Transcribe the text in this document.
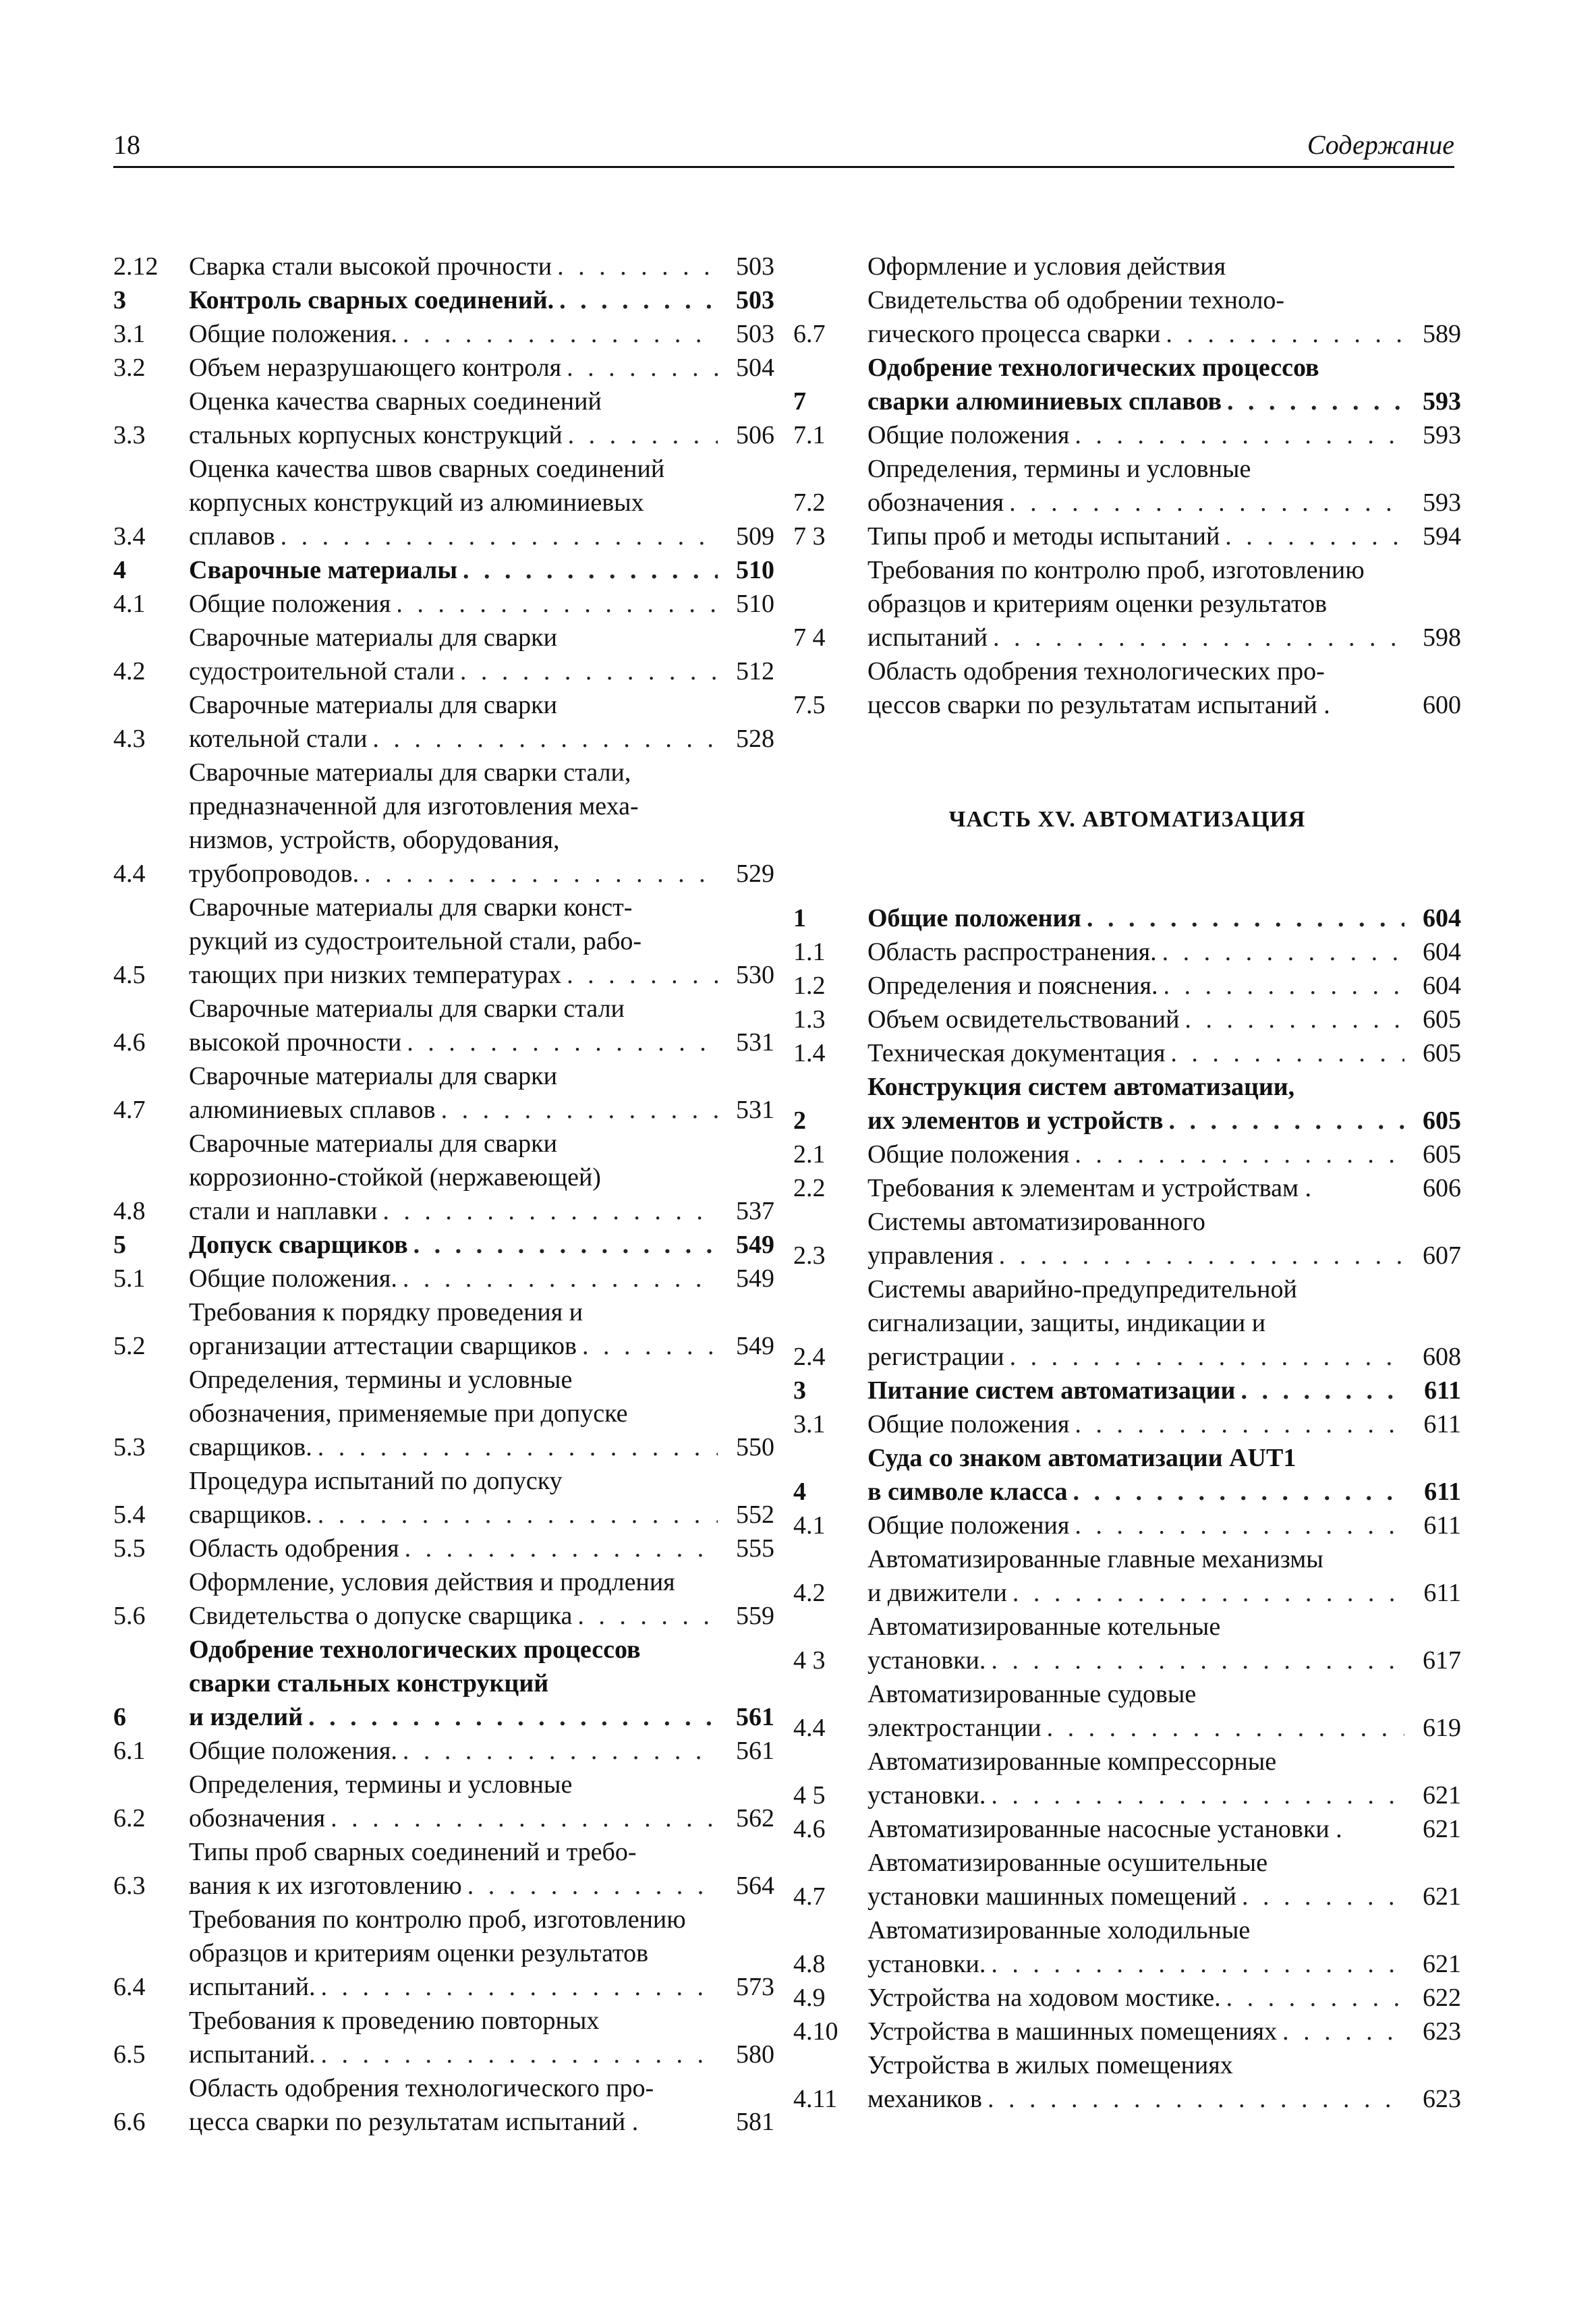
18	Содержание
2.12	Сварка стали высокой прочности . . .	503
3	Контроль сварных соединений. . . .	503
3.1	Общие положения. . . .	503
3.2	Объем неразрушающего контроля . . .	504
3.3
Оценка качества сварных соединений
стальных корпусных конструкций . . .	506
3.4
Оценка качества швов сварных соединений
корпусных конструкций из алюминиевых
сплавов . . .	509
4	Сварочные материалы . . .	510
4.1	Общие положения . . .	510
4.2
Сварочные материалы для сварки
судостроительной стали . . .	512
4.3
Сварочные материалы для сварки
котельной стали . . .	528
4.4
Сварочные материалы для сварки стали,
предназначенной для изготовления меха-
низмов, устройств, оборудования,
трубопроводов. . . .	529
4.5
Сварочные материалы для сварки конст-
рукций из судостроительной стали, рабо-
тающих при низких температурах . . .	530
4.6
Сварочные материалы для сварки стали
высокой прочности . . .	531
4.7
Сварочные материалы для сварки
алюминиевых сплавов . . .	531
4.8
Сварочные материалы для сварки
коррозионно-стойкой (нержавеющей)
стали и наплавки . . .	537
5	Допуск сварщиков . . .	549
5.1	Общие положения. . . .	549
5.2
Требования к порядку проведения и
организации аттестации сварщиков . . .	549
5.3
Определения, термины и условные
обозначения, применяемые при допуске
сварщиков. . . .	550
5.4
Процедура испытаний по допуску
сварщиков. . . .	552
5.5	Область одобрения . . .	555
5.6
Оформление, условия действия и продления
Свидетельства о допуске сварщика . . .	559
6
Одобрение технологических процессов
сварки стальных конструкций
и изделий . . .	561
6.1	Общие положения. . . .	561
6.2
Определения, термины и условные
обозначения . . .	562
6.3
Типы проб сварных соединений и требо-
вания к их изготовлению . . .	564
6.4
Требования по контролю проб, изготовлению
образцов и критериям оценки результатов
испытаний. . . .	573
6.5
Требования к проведению повторных
испытаний. . . .	580
6.6
Область одобрения технологического про-
цесса сварки по результатам испытаний .	581
6.7
Оформление и условия действия
Свидетельства об одобрении техноло-
гического процесса сварки . . .	589
7
Одобрение технологических процессов
сварки алюминиевых сплавов . . .	593
7.1	Общие положения . . .	593
7.2
Определения, термины и условные
обозначения . . .	593
7 3	Типы проб и методы испытаний . . .	594
7 4
Требования по контролю проб, изготовлению
образцов и критериям оценки результатов
испытаний . . .	598
7.5
Область одобрения технологических про-
цессов сварки по результатам испытаний .	600
ЧАСТЬ XV. АВТОМАТИЗАЦИЯ
1	Общие положения . . .	604
1.1	Область распространения. . . .	604
1.2	Определения и пояснения. . . .	604
1.3	Объем освидетельствований . . .	605
1.4	Техническая документация . . .	605
2
Конструкция систем автоматизации,
их элементов и устройств . . .	605
2.1	Общие положения . . .	605
2.2	Требования к элементам и устройствам .	606
2.3
Системы автоматизированного
управления . . .	607
2.4
Системы аварийно-предупредительной
сигнализации, защиты, индикации и
регистрации . . .	608
3	Питание систем автоматизации . . .	611
3.1	Общие положения . . .	611
4
Суда со знаком автоматизации AUT1
в символе класса . . .	611
4.1	Общие положения . . .	611
4.2
Автоматизированные главные механизмы
и движители . . .	611
4 3
Автоматизированные котельные
установки. . . .	617
4.4
Автоматизированные судовые
электростанции . . .	619
4 5
Автоматизированные компрессорные
установки. . . .	621
4.6	Автоматизированные насосные установки .	621
4.7
Автоматизированные осушительные
установки машинных помещений . . .	621
4.8
Автоматизированные холодильные
установки. . . .	621
4.9	Устройства на ходовом мостике. . . .	622
4.10	Устройства в машинных помещениях . . .	623
4.11
Устройства в жилых помещениях
механиков . . .	623
